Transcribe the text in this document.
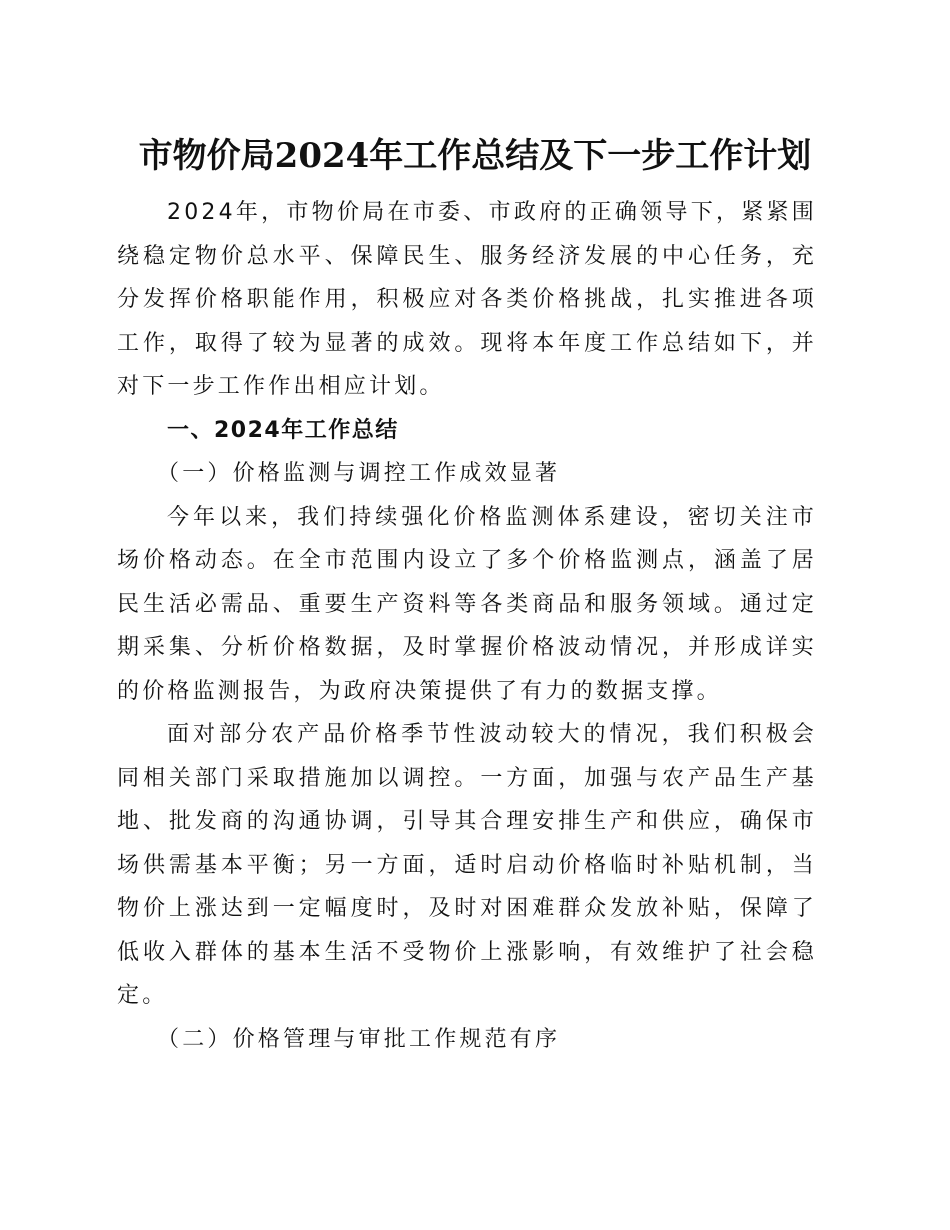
市物价局2024年工作总结及下一步工作计划

2024年，市物价局在市委、市政府的正确领导下，紧紧围绕稳定物价总水平、保障民生、服务经济发展的中心任务，充分发挥价格职能作用，积极应对各类价格挑战，扎实推进各项工作，取得了较为显著的成效。现将本年度工作总结如下，并对下一步工作作出相应计划。

一、2024年工作总结

（一）价格监测与调控工作成效显著

今年以来，我们持续强化价格监测体系建设，密切关注市场价格动态。在全市范围内设立了多个价格监测点，涵盖了居民生活必需品、重要生产资料等各类商品和服务领域。通过定期采集、分析价格数据，及时掌握价格波动情况，并形成详实的价格监测报告，为政府决策提供了有力的数据支撑。

面对部分农产品价格季节性波动较大的情况，我们积极会同相关部门采取措施加以调控。一方面，加强与农产品生产基地、批发商的沟通协调，引导其合理安排生产和供应，确保市场供需基本平衡；另一方面，适时启动价格临时补贴机制，当物价上涨达到一定幅度时，及时对困难群众发放补贴，保障了低收入群体的基本生活不受物价上涨影响，有效维护了社会稳定。

（二）价格管理与审批工作规范有序
